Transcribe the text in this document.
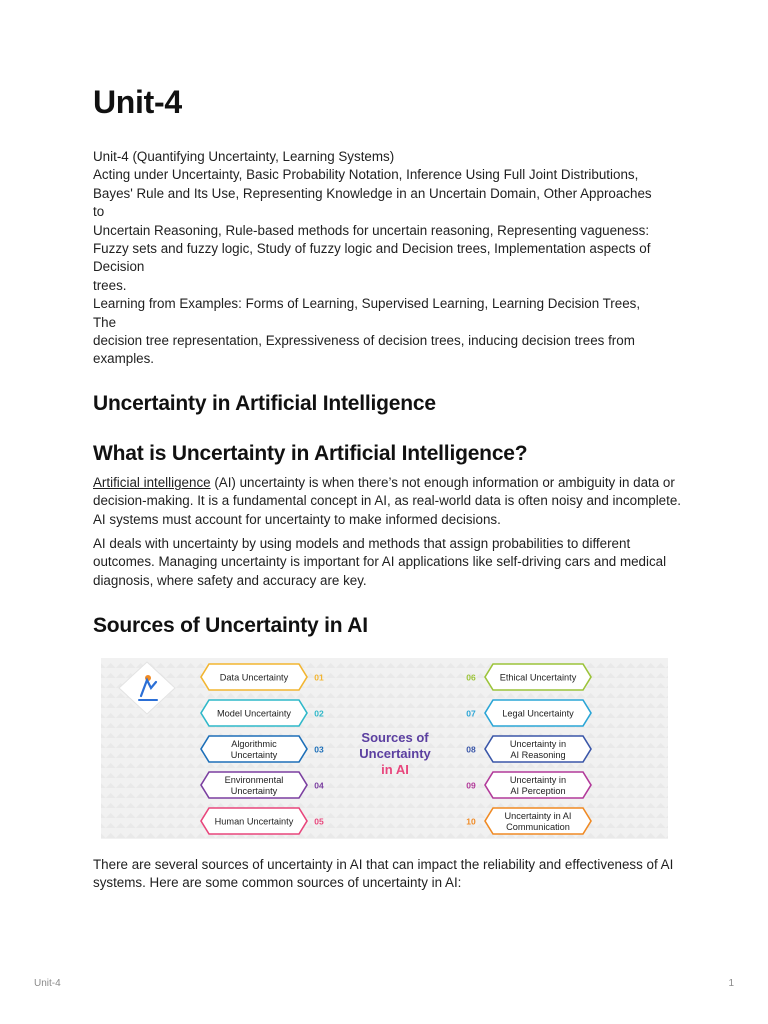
Unit-4

Unit-4 (Quantifying Uncertainty, Learning Systems)

Acting under Uncertainty, Basic Probability Notation, Inference Using Full Joint Distributions,

Bayes' Rule and Its Use, Representing Knowledge in an Uncertain Domain, Other Approaches

to

Uncertain Reasoning, Rule-based methods for uncertain reasoning, Representing vagueness:

Fuzzy sets and fuzzy logic, Study of fuzzy logic and Decision trees, Implementation aspects of

Decision

trees.

Learning from Examples: Forms of Learning, Supervised Learning, Learning Decision Trees,

The

decision tree representation, Expressiveness of decision trees, inducing decision trees from

examples.

Uncertainty in Artificial Intelligence
What is Uncertainty in Artificial Intelligence?

Artificial intelligence (AI) uncertainty is when there’s not enough information or ambiguity in data or decision-making. It is a fundamental concept in AI, as real-world data is often noisy and incomplete. AI systems must account for uncertainty to make informed decisions.

AI deals with uncertainty by using models and methods that assign probabilities to different outcomes. Managing uncertainty is important for AI applications like self-driving cars and medical diagnosis, where safety and accuracy are key.

Sources of Uncertainty in AI

There are several sources of uncertainty in AI that can impact the reliability and effectiveness of AI systems. Here are some common sources of uncertainty in AI:

Sources of
Uncertainty
in AI
Data Uncertainty	01
Model Uncertainty	02
Algorithmic
Uncertainty
03
Environmental
Uncertainty
04
Human Uncertainty 05
Ethical Uncertainty
06
Legal Uncertainty
07
Uncertainty in
AI Reasoning
08
Uncertainty in
AI Perception
09
Uncertainty in AI
Communication
10
Unit-4	1
